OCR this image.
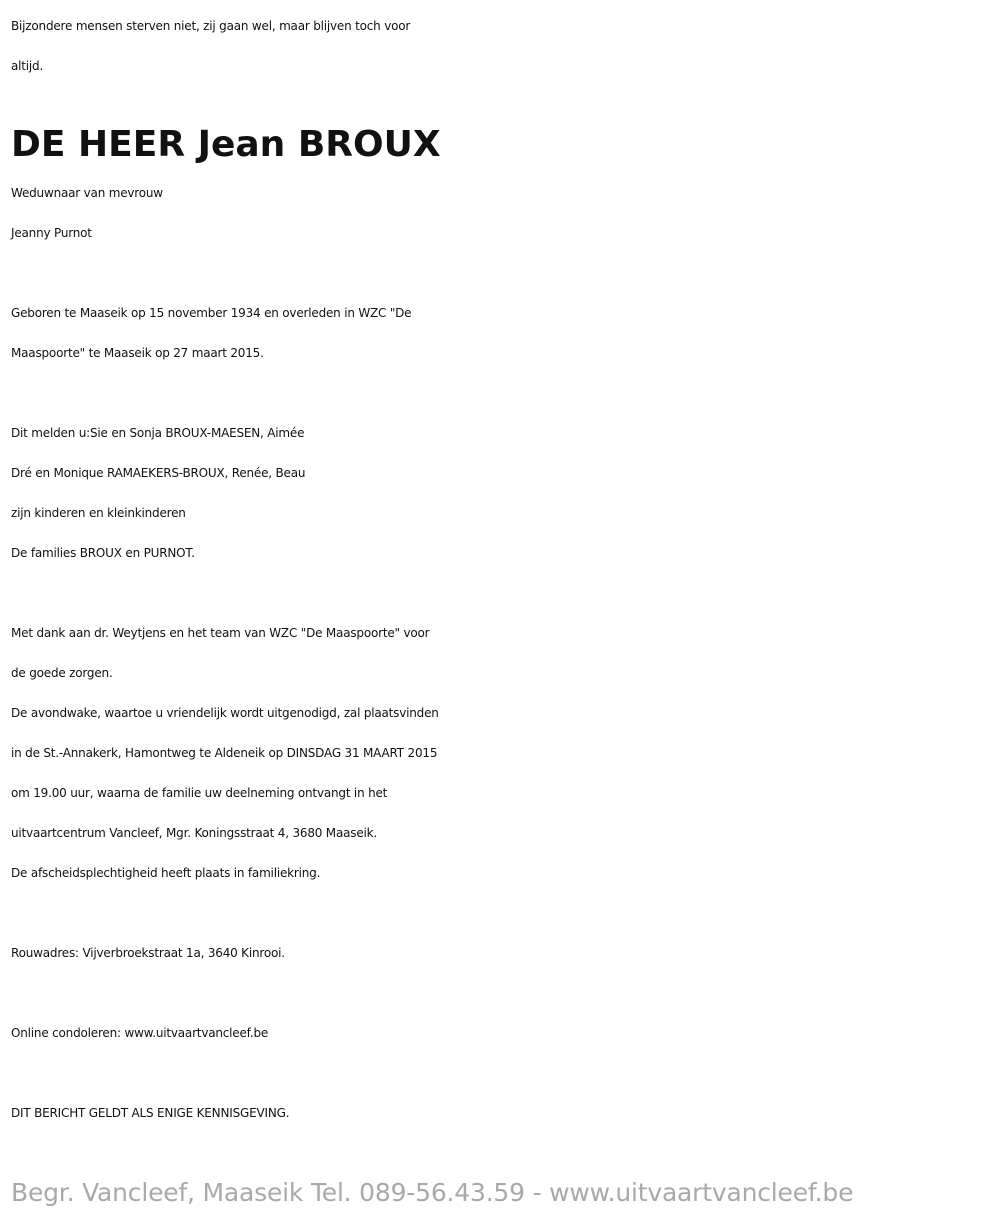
Bijzondere mensen sterven niet, zij gaan wel, maar blijven toch voor
altijd.
DE HEER Jean BROUX
Weduwnaar van mevrouw
Jeanny Purnot
Geboren te Maaseik op 15 november 1934 en overleden in WZC "De
Maaspoorte" te Maaseik op 27 maart 2015.
Dit melden u:Sie en Sonja BROUX-MAESEN, Aimée
Dré en Monique RAMAEKERS-BROUX, Renée, Beau
zijn kinderen en kleinkinderen
De families BROUX en PURNOT.
Met dank aan dr. Weytjens en het team van WZC "De Maaspoorte" voor
de goede zorgen.
De avondwake, waartoe u vriendelijk wordt uitgenodigd, zal plaatsvinden
in de St.-Annakerk, Hamontweg te Aldeneik op DINSDAG 31 MAART 2015
om 19.00 uur, waarna de familie uw deelneming ontvangt in het
uitvaartcentrum Vancleef, Mgr. Koningsstraat 4, 3680 Maaseik.
De afscheidsplechtigheid heeft plaats in familiekring.
Rouwadres: Vijverbroekstraat 1a, 3640 Kinrooi.
Online condoleren: www.uitvaartvancleef.be
DIT BERICHT GELDT ALS ENIGE KENNISGEVING.
Begr. Vancleef, Maaseik Tel. 089-56.43.59 - www.uitvaartvancleef.be
